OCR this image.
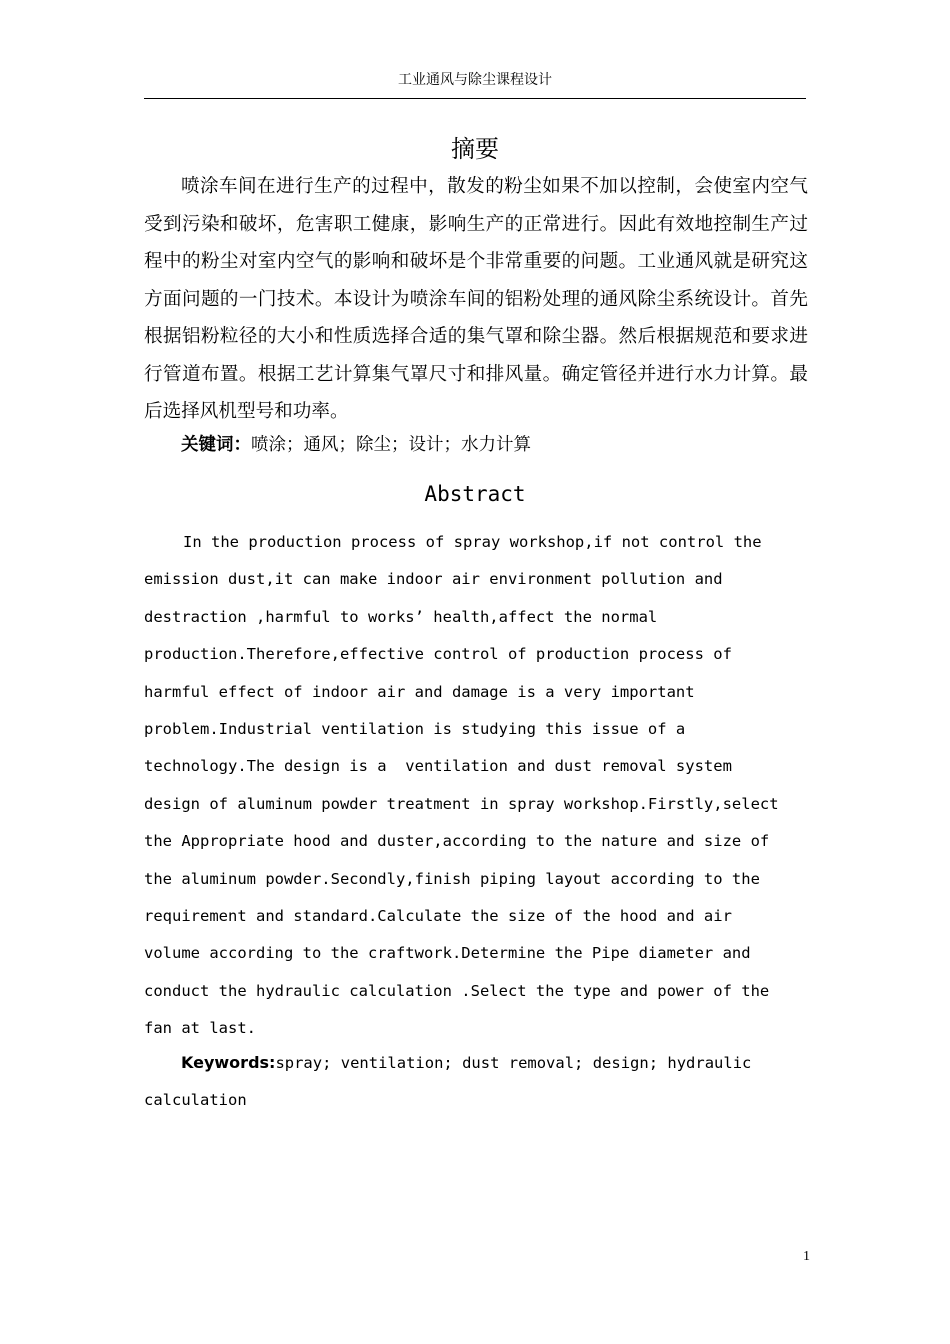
工业通风与除尘课程设计
摘要

喷涂车间在进行生产的过程中，散发的粉尘如果不加以控制，会使室内空气受到污染和破坏，危害职工健康，影响生产的正常进行。因此有效地控制生产过程中的粉尘对室内空气的影响和破坏是个非常重要的问题。工业通风就是研究这方面问题的一门技术。本设计为喷涂车间的铝粉处理的通风除尘系统设计。首先根据铝粉粒径的大小和性质选择合适的集气罩和除尘器。然后根据规范和要求进行管道布置。根据工艺计算集气罩尺寸和排风量。确定管径并进行水力计算。最后选择风机型号和功率。

关键词：喷涂；通风；除尘；设计；水力计算

Abstract
In the production process of spray workshop,if not control the
emission dust,it can make indoor air environment pollution and
destraction ,harmful to works’ health,affect the normal
production.Therefore,effective control of production process of
harmful effect of indoor air and damage is a very important
problem.Industrial ventilation is studying this issue of a
technology.The design is a  ventilation and dust removal system
design of aluminum powder treatment in spray workshop.Firstly,select
the Appropriate hood and duster,according to the nature and size of
the aluminum powder.Secondly,finish piping layout according to the
requirement and standard.Calculate the size of the hood and air
volume according to the craftwork.Determine the Pipe diameter and
conduct the hydraulic calculation .Select the type and power of the
fan at last.
Keywords:spray; ventilation; dust removal; design; hydraulic
calculation
1
